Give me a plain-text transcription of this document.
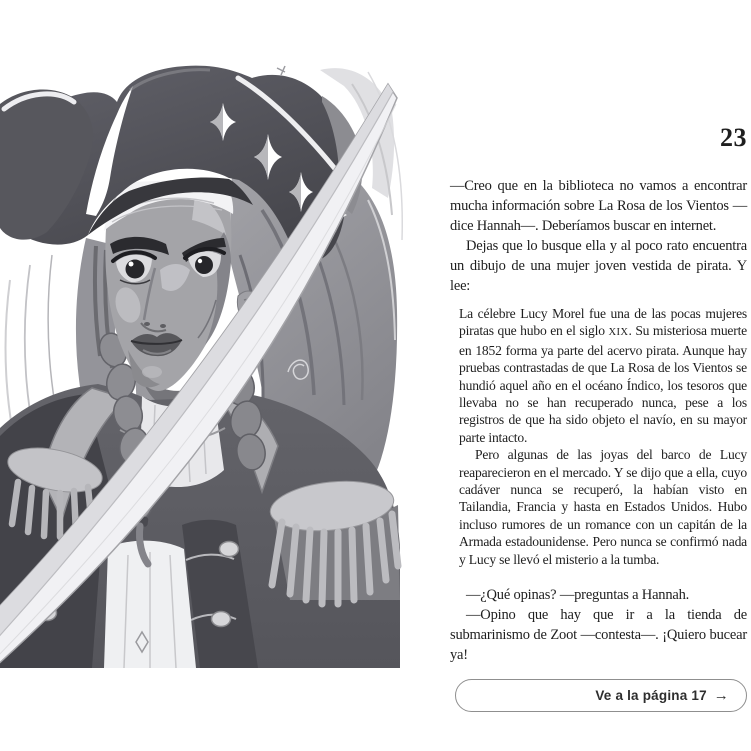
23

—Creo que en la biblioteca no vamos a encontrar mucha información sobre La Rosa de los Vientos —dice Hannah—. Deberíamos buscar en internet.

Dejas que lo busque ella y al poco rato encuentra un dibujo de una mujer joven vestida de pirata. Y lee:

La célebre Lucy Morel fue una de las pocas mujeres piratas que hubo en el siglo XIX. Su misteriosa muerte en 1852 forma ya parte del acervo pirata. Aunque hay pruebas contrastadas de que La Rosa de los Vientos se hundió aquel año en el océano Índico, los tesoros que llevaba no se han recuperado nunca, pese a los registros de que ha sido objeto el navío, en su mayor parte intacto.

Pero algunas de las joyas del barco de Lucy reaparecieron en el mercado. Y se dijo que a ella, cuyo cadáver nunca se recuperó, la habían visto en Tailandia, Francia y hasta en Estados Unidos. Hubo incluso rumores de un romance con un capitán de la Armada estadounidense. Pero nunca se confirmó nada y Lucy se llevó el misterio a la tumba.

—¿Qué opinas? —preguntas a Hannah.

—Opino que hay que ir a la tienda de submarinismo de Zoot —contesta—. ¡Quiero bucear ya!

Ve a la página 17 →
